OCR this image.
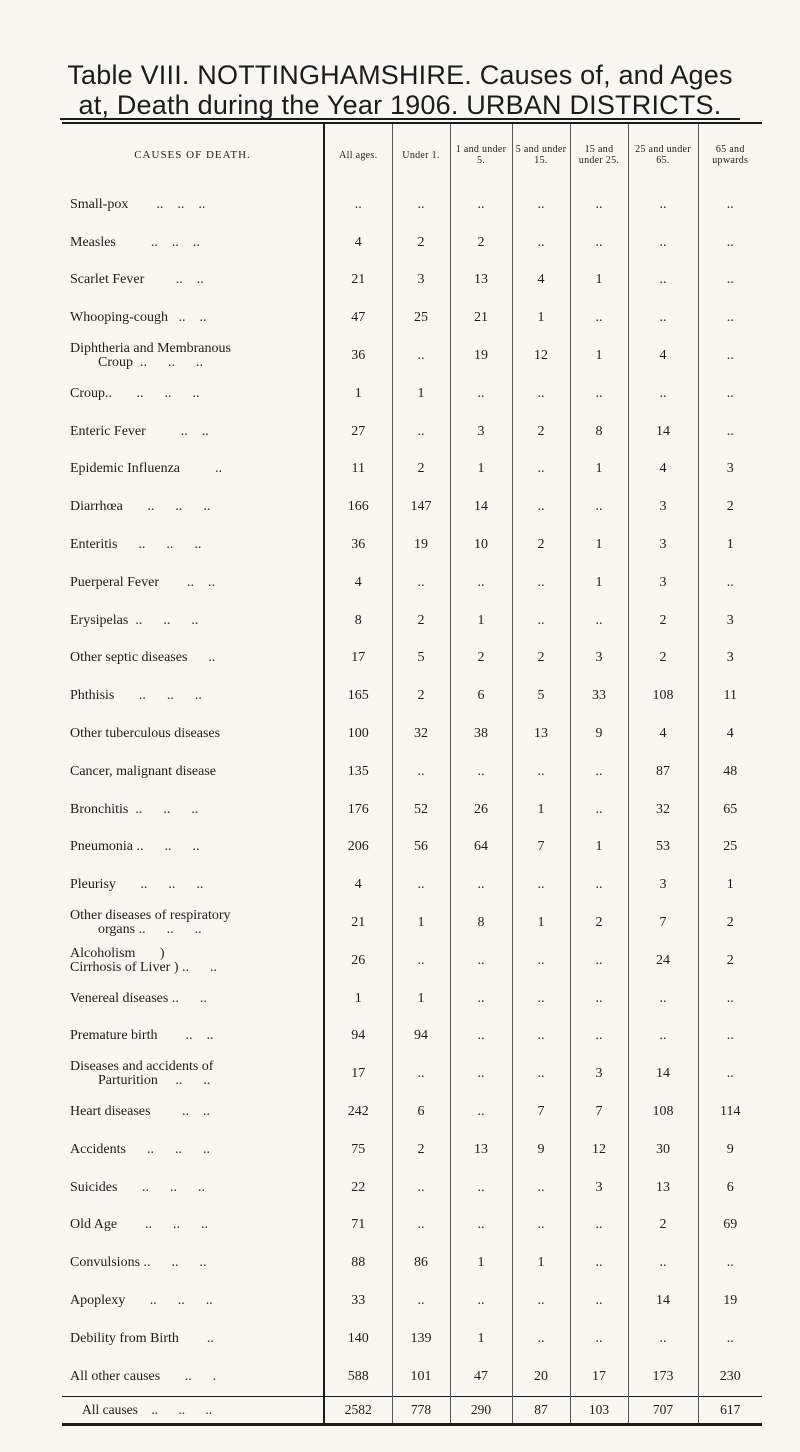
Table VIII. NOTTINGHAMSHIRE. Causes of, and Ages
at, Death during the Year 1906. URBAN DISTRICTS.
CAUSES OF DEATH.	All ages.	Under 1.	1 and under 5.	5 and under 15.	15 and under 25.	25 and under 65.	65 and upwards
Small-pox        ..    ..    ..	..	..	..	..	..	..	..
Measles          ..    ..    ..	4	2	2	..	..	..	..
Scarlet Fever         ..    ..	21	3	13	4	1	..	..
Whooping-cough   ..    ..	47	25	21	1	..	..	..
Diphtheria and Membranous
Croup  ..      ..      ..	36	..	19	12	1	4	..
Croup..       ..      ..      ..	1	1	..	..	..	..	..
Enteric Fever          ..    ..	27	..	3	2	8	14	..
Epidemic Influenza          ..	11	2	1	..	1	4	3
Diarrhœa       ..      ..      ..	166	147	14	..	..	3	2
Enteritis      ..      ..      ..	36	19	10	2	1	3	1
Puerperal Fever        ..    ..	4	..	..	..	1	3	..
Erysipelas  ..      ..      ..	8	2	1	..	..	2	3
Other septic diseases      ..	17	5	2	2	3	2	3
Phthisis       ..      ..      ..	165	2	6	5	33	108	11
Other tuberculous diseases	100	32	38	13	9	4	4
Cancer, malignant disease	135	..	..	..	..	87	48
Bronchitis  ..      ..      ..	176	52	26	1	..	32	65
Pneumonia ..      ..      ..	206	56	64	7	1	53	25
Pleurisy       ..      ..      ..	4	..	..	..	..	3	1
Other diseases of respiratory
organs ..      ..      ..	21	1	8	1	2	7	2
Alcoholism       )
Cirrhosis of Liver ) ..      ..	26	..	..	..	..	24	2
Venereal diseases ..      ..	1	1	..	..	..	..	..
Premature birth        ..    ..	94	94	..	..	..	..	..
Diseases and accidents of
Parturition     ..      ..	17	..	..	..	3	14	..
Heart diseases         ..    ..	242	6	..	7	7	108	114
Accidents      ..      ..      ..	75	2	13	9	12	30	9
Suicides       ..      ..      ..	22	..	..	..	3	13	6
Old Age        ..      ..      ..	71	..	..	..	..	2	69
Convulsions ..      ..      ..	88	86	1	1	..	..	..
Apoplexy       ..      ..      ..	33	..	..	..	..	14	19
Debility from Birth        ..	140	139	1	..	..	..	..
All other causes       ..      .	588	101	47	20	17	173	230
All causes    ..      ..      ..	2582	778	290	87	103	707	617
